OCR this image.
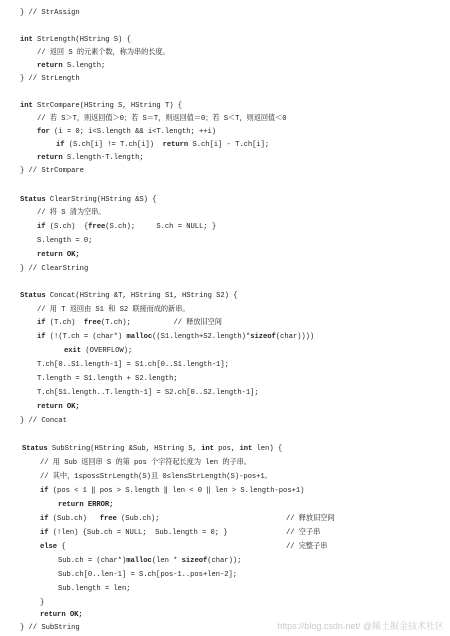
} // StrAssign
int StrLength(HString S) {
// 返回 S 的元素个数，称为串的长度。
return S.length;
} // StrLength
int StrCompare(HString S, HString T) {
// 若 S＞T，则返回值＞0；若 S＝T，则返回值＝0；若 S＜T，则返回值＜0
for (i = 0; i<S.length && i<T.length; ++i)
if (S.ch[i] != T.ch[i])  return S.ch[i] - T.ch[i];
return S.length-T.length;
} // StrCompare
Status ClearString(HString &S) {
// 将 S 清为空串。
if (S.ch)  {free(S.ch);     S.ch = NULL; }
S.length = 0;
return OK;
} // ClearString
Status Concat(HString &T, HString S1, HString S2) {
// 用 T 返回由 S1 和 S2 联接而成的新串。
if (T.ch)  free(T.ch);          // 释放旧空间
if (!(T.ch = (char*) malloc((S1.length+S2.length)*sizeof(char))))
exit (OVERFLOW);
T.ch[0..S1.length-1] = S1.ch[0..S1.length-1];
T.length = S1.length + S2.length;
T.ch[S1.length..T.length-1] = S2.ch[0..S2.length-1];
return OK;
} // Concat
Status SubString(HString &Sub, HString S, int pos, int len) {
// 用 Sub 返回串 S 的第 pos 个字符起长度为 len 的子串。
// 其中，1≤pos≤StrLength(S)且 0≤len≤StrLength(S)-pos+1。
if (pos < 1 ‖ pos > S.length ‖ len < 0 ‖ len > S.length-pos+1)
return ERROR;
if (Sub.ch)   free (Sub.ch);	// 释放旧空间
if (!len) {Sub.ch = NULL;  Sub.length = 0; }	// 空子串
else {	// 完整子串
Sub.ch = (char*)malloc(len * sizeof(char));
Sub.ch[0..len-1] = S.ch[pos-1..pos+len-2];
Sub.length = len;
}
return OK;
} // SubString	https://blog.csdn.net/ @稀土掘金技术社区
